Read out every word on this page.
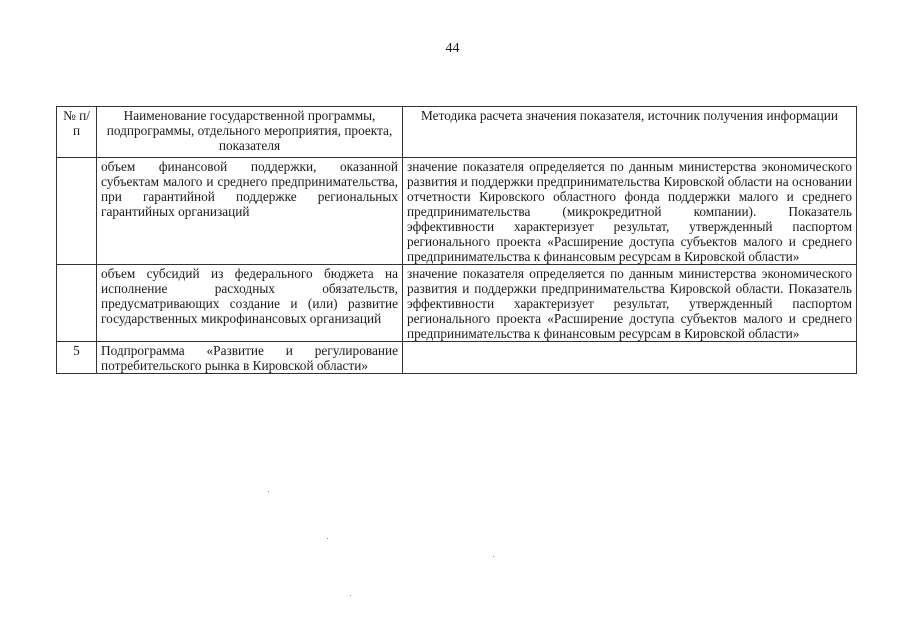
44
№ п/п	Наименование государственной программы, подпрограммы, отдельного мероприятия, проекта, показателя	Методика расчета значения показателя, источник получения информации
	объем финансовой поддержки, оказанной субъектам малого и среднего предпринимательства, при гарантийной поддержке региональных гарантийных организаций	значение показателя определяется по данным министерства экономического развития и поддержки предпринимательства Кировской области на основании отчетности Кировского областного фонда поддержки малого и среднего предпринимательства (микрокредитной компании). Показатель эффективности характеризует результат, утвержденный паспортом регионального проекта «Расширение доступа субъектов малого и среднего предпринимательства к финансовым ресурсам в Кировской области»
	объем субсидий из федерального бюджета на исполнение расходных обязательств, предусматривающих создание и (или) развитие государственных микрофинансовых организаций	значение показателя определяется по данным министерства экономического развития и поддержки предпринимательства Кировской области. Показатель эффективности характеризует результат, утвержденный паспортом регионального проекта «Расширение доступа субъектов малого и среднего предпринимательства к финансовым ресурсам в Кировской области»
5	Подпрограмма «Развитие и регулирование потребительского рынка в Кировской области»	
